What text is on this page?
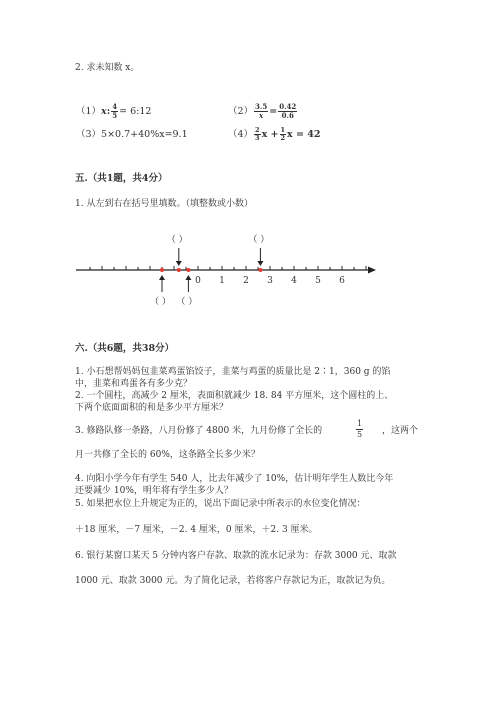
2. 求未知数 x。
（1）x: $\frac{4}{5}$ = 6:12	$(2) \frac{3.5}{x} = \frac{0.42}{0.6}$
（3）5×0.7+40%x=9.1	$(4) \frac{2}{3}$ $x + \frac{1}{2}$ x = 42
五.（共1题，共4分）
1. 从左到右在括号里填数。（填整数或小数）
0 1 2 3 4 5 6
（ ）
（ ）
（ ）
（ ）
六.（共6题，共38分）
1. 小石想帮妈妈包韭菜鸡蛋馅饺子，韭菜与鸡蛋的质量比是 2∶1，360 g 的馅
中，韭菜和鸡蛋各有多少克？
2. 一个圆柱，高减少 2 厘米，表面积就减少 18. 84 平方厘米，这个圆柱的上、
下两个底面面积的和是多少平方厘米？
3. 修路队修一条路，八月份修了 4800 米，九月份修了全长的	$\frac{1}{5}$ ，这两个
月一共修了全长的 60%，这条路全长多少米？
4. 向阳小学今年有学生 540 人，比去年减少了 10%，估计明年学生人数比今年
还要减少 10%，明年将有学生多少人？
5. 如果把水位上升规定为正的，说出下面记录中所表示的水位变化情况：
＋18 厘米，－7 厘米，－2. 4 厘米，0 厘米，＋2. 3 厘米。
6. 银行某窗口某天 5 分钟内客户存款、取款的流水记录为：存款 3000 元、取款
1000 元、取款 3000 元。为了简化记录，若将客户存款记为正，取款记为负。
